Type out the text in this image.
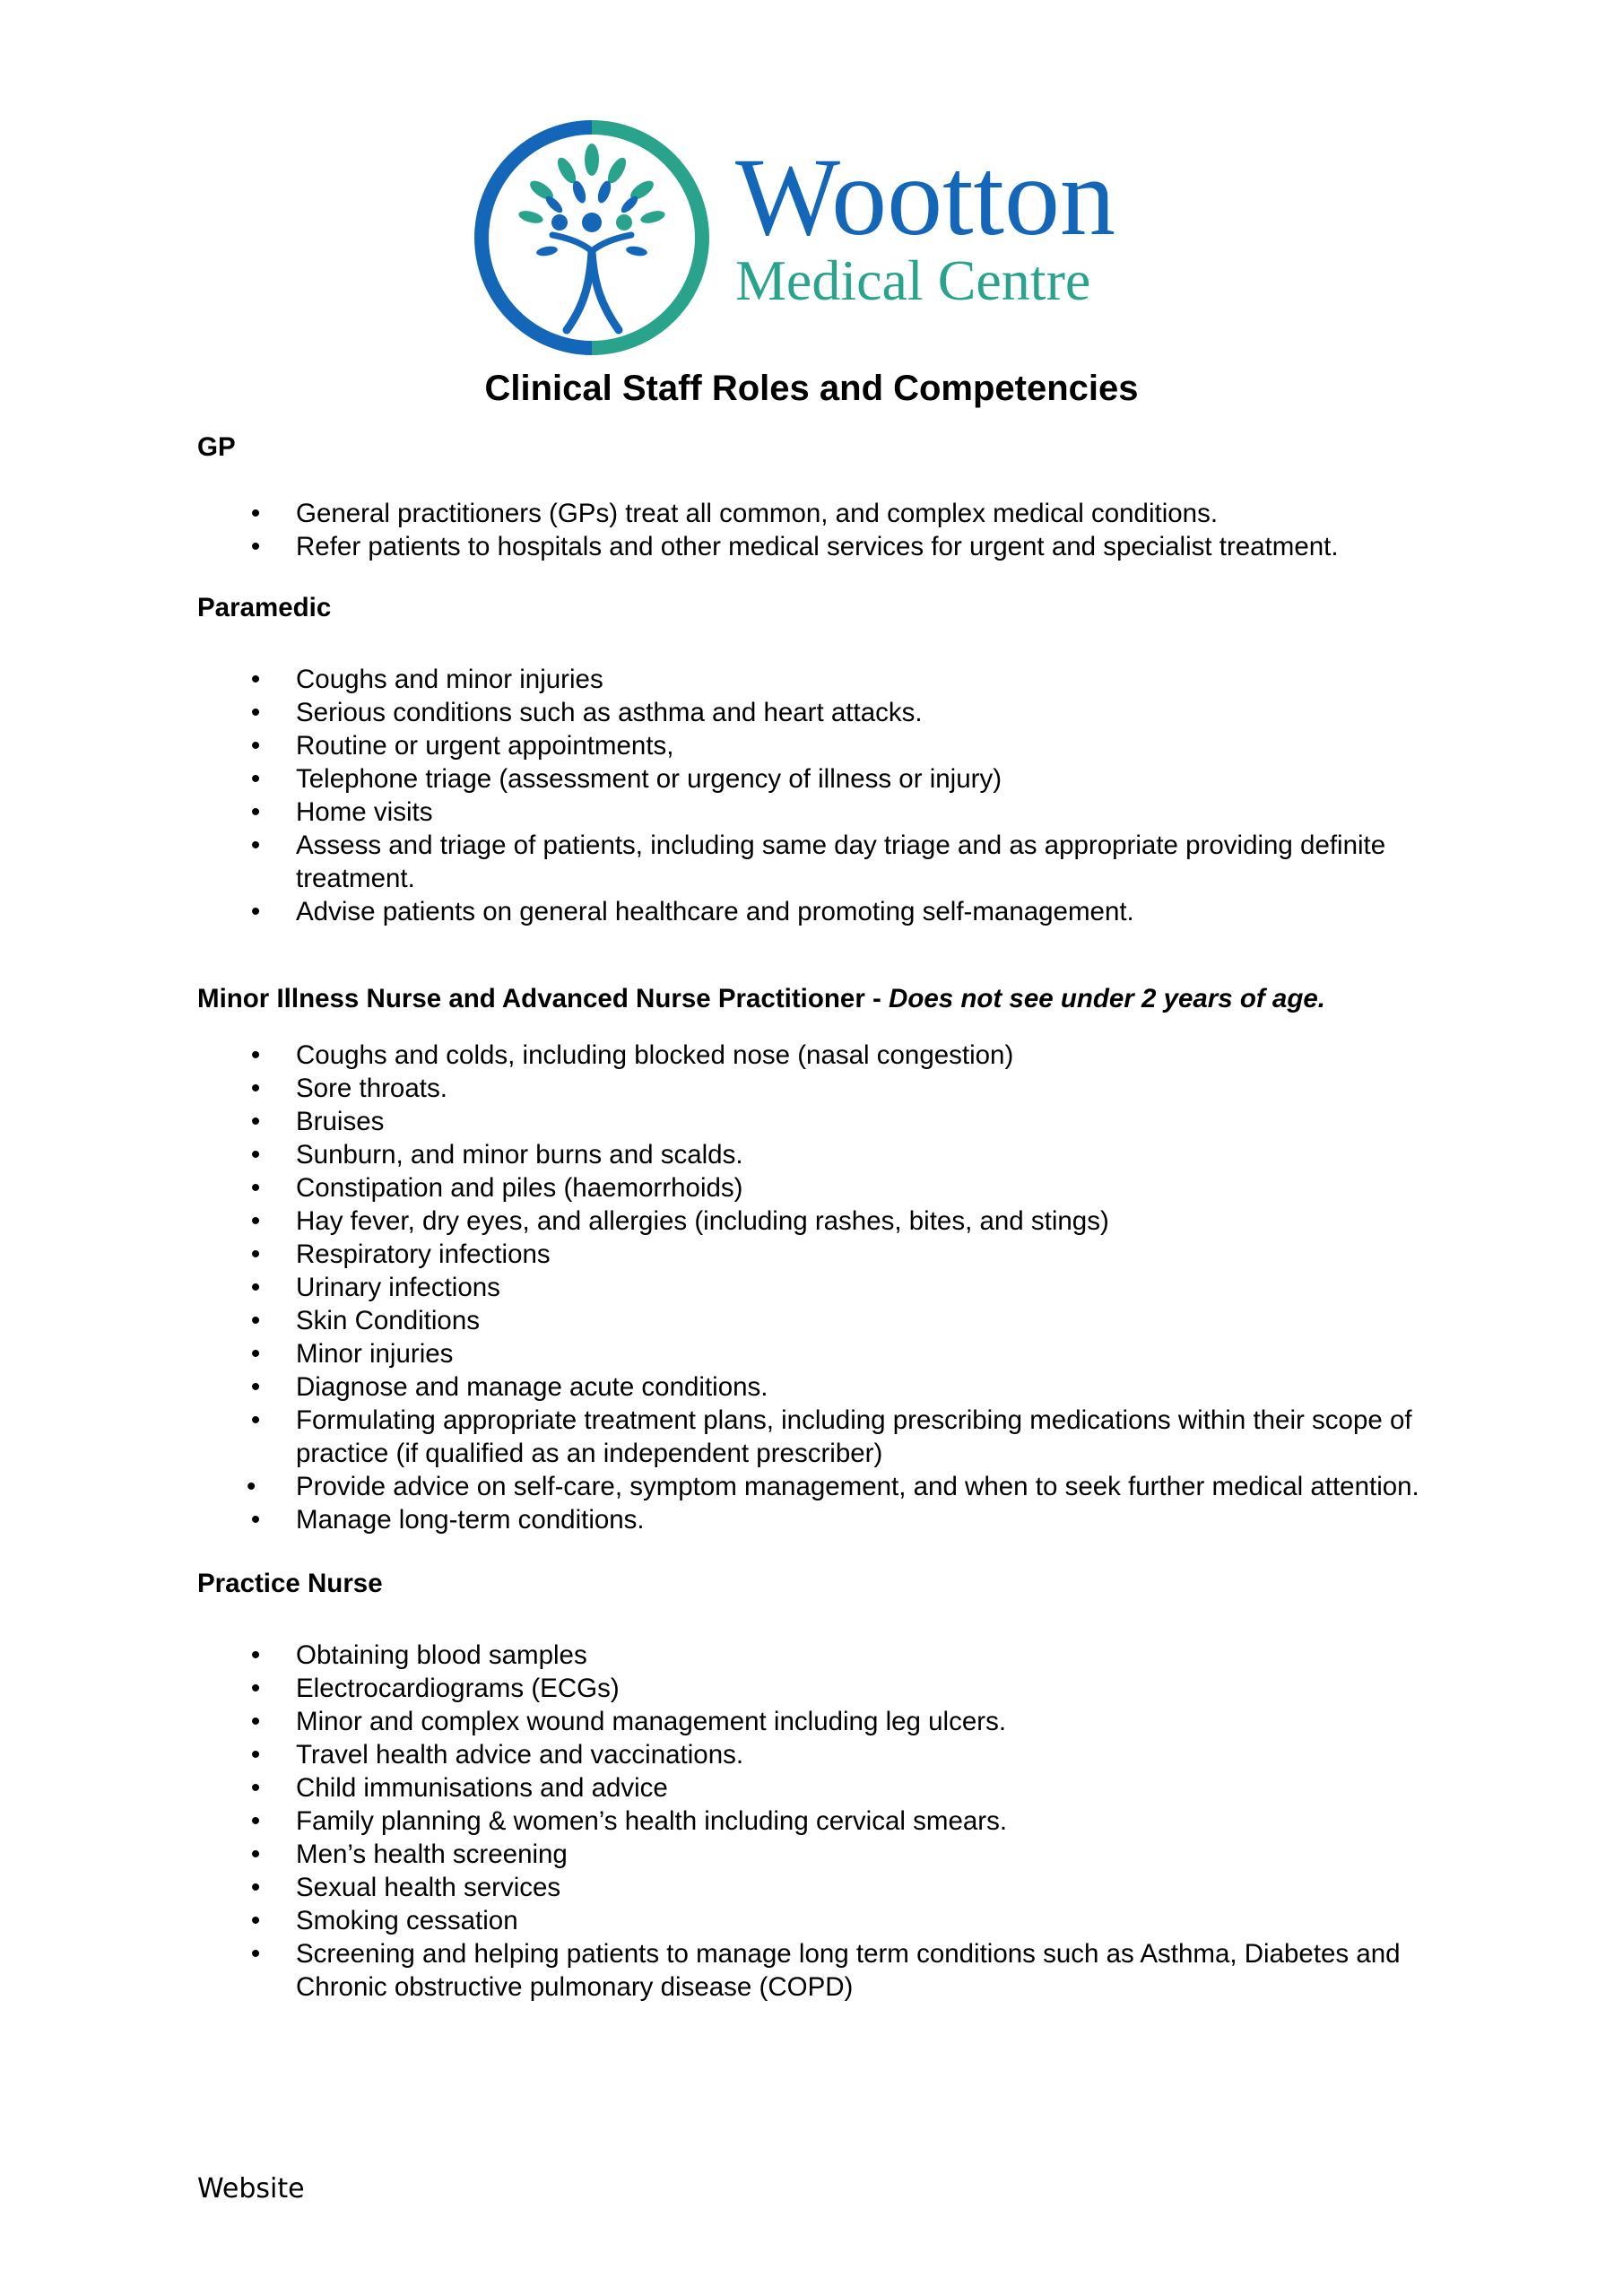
Wootton
Medical Centre
Clinical Staff Roles and Competencies
GP
• General practitioners (GPs) treat all common, and complex medical conditions.
• Refer patients to hospitals and other medical services for urgent and specialist treatment.
Paramedic
• Coughs and minor injuries
• Serious conditions such as asthma and heart attacks.
• Routine or urgent appointments,
• Telephone triage (assessment or urgency of illness or injury)
• Home visits
• Assess and triage of patients, including same day triage and as appropriate providing definite treatment.
• Advise patients on general healthcare and promoting self-management.
Minor Illness Nurse and Advanced Nurse Practitioner - Does not see under 2 years of age.
• Coughs and colds, including blocked nose (nasal congestion)
• Sore throats.
• Bruises
• Sunburn, and minor burns and scalds.
• Constipation and piles (haemorrhoids)
• Hay fever, dry eyes, and allergies (including rashes, bites, and stings)
• Respiratory infections
• Urinary infections
• Skin Conditions
• Minor injuries
• Diagnose and manage acute conditions.
• Formulating appropriate treatment plans, including prescribing medications within their scope of practice (if qualified as an independent prescriber)
•	Provide advice on self-care, symptom management, and when to seek further medical attention.
• Manage long-term conditions.
Practice Nurse
• Obtaining blood samples
• Electrocardiograms (ECGs)
• Minor and complex wound management including leg ulcers.
• Travel health advice and vaccinations.
• Child immunisations and advice
• Family planning & women’s health including cervical smears.
• Men’s health screening
• Sexual health services
• Smoking cessation
• Screening and helping patients to manage long term conditions such as Asthma, Diabetes and Chronic obstructive pulmonary disease (COPD)
Website
